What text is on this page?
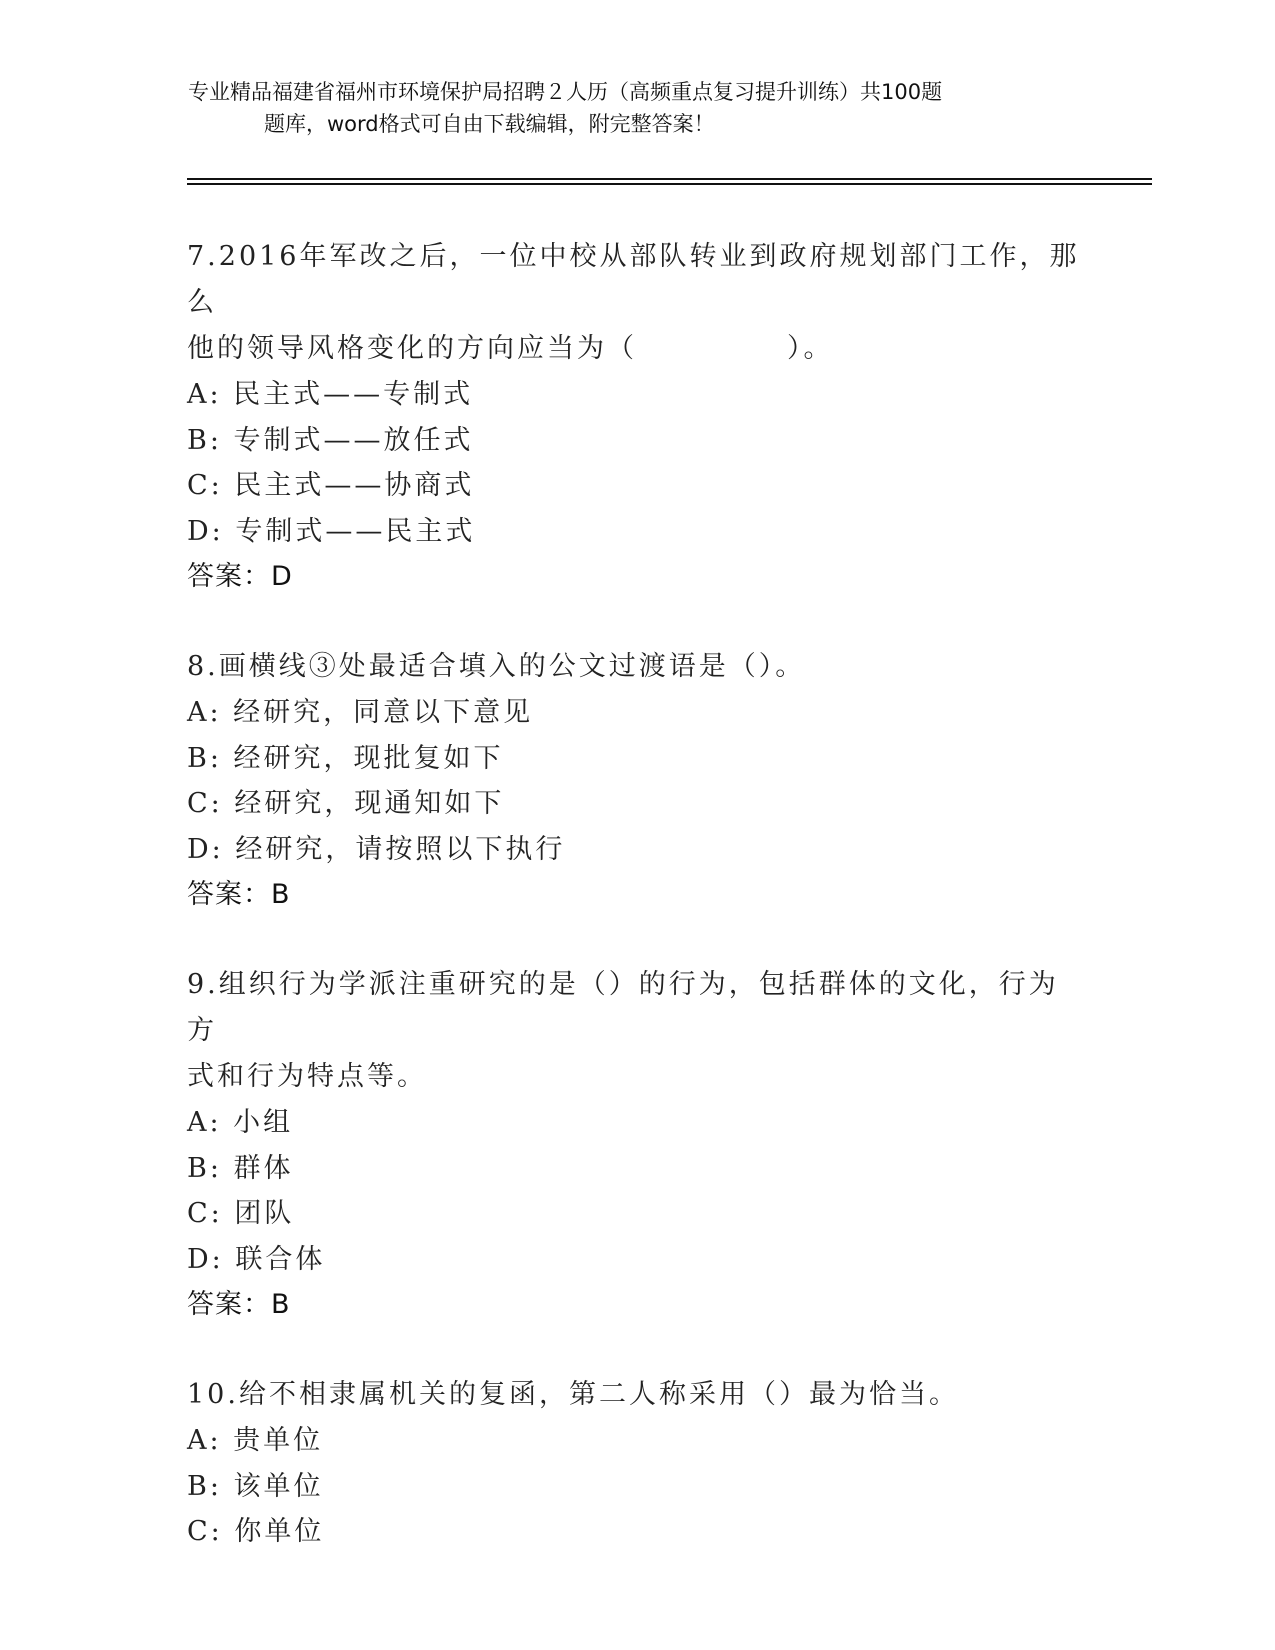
专业精品福建省福州市环境保护局招聘２人历（高频重点复习提升训练）共100题
题库，word格式可自由下载编辑，附完整答案！
7.2016年军改之后，一位中校从部队转业到政府规划部门工作，那么
他的领导风格变化的方向应当为（　　　　　）。
A: 民主式——专制式
B: 专制式——放任式
C: 民主式——协商式
D: 专制式——民主式
答案：D
8.画横线③处最适合填入的公文过渡语是（）。
A: 经研究，同意以下意见
B: 经研究，现批复如下
C: 经研究，现通知如下
D: 经研究，请按照以下执行
答案：B
9.组织行为学派注重研究的是（）的行为，包括群体的文化，行为方
式和行为特点等。
A: 小组
B: 群体
C: 团队
D: 联合体
答案：B
10.给不相隶属机关的复函，第二人称采用（）最为恰当。
A: 贵单位
B: 该单位
C: 你单位
